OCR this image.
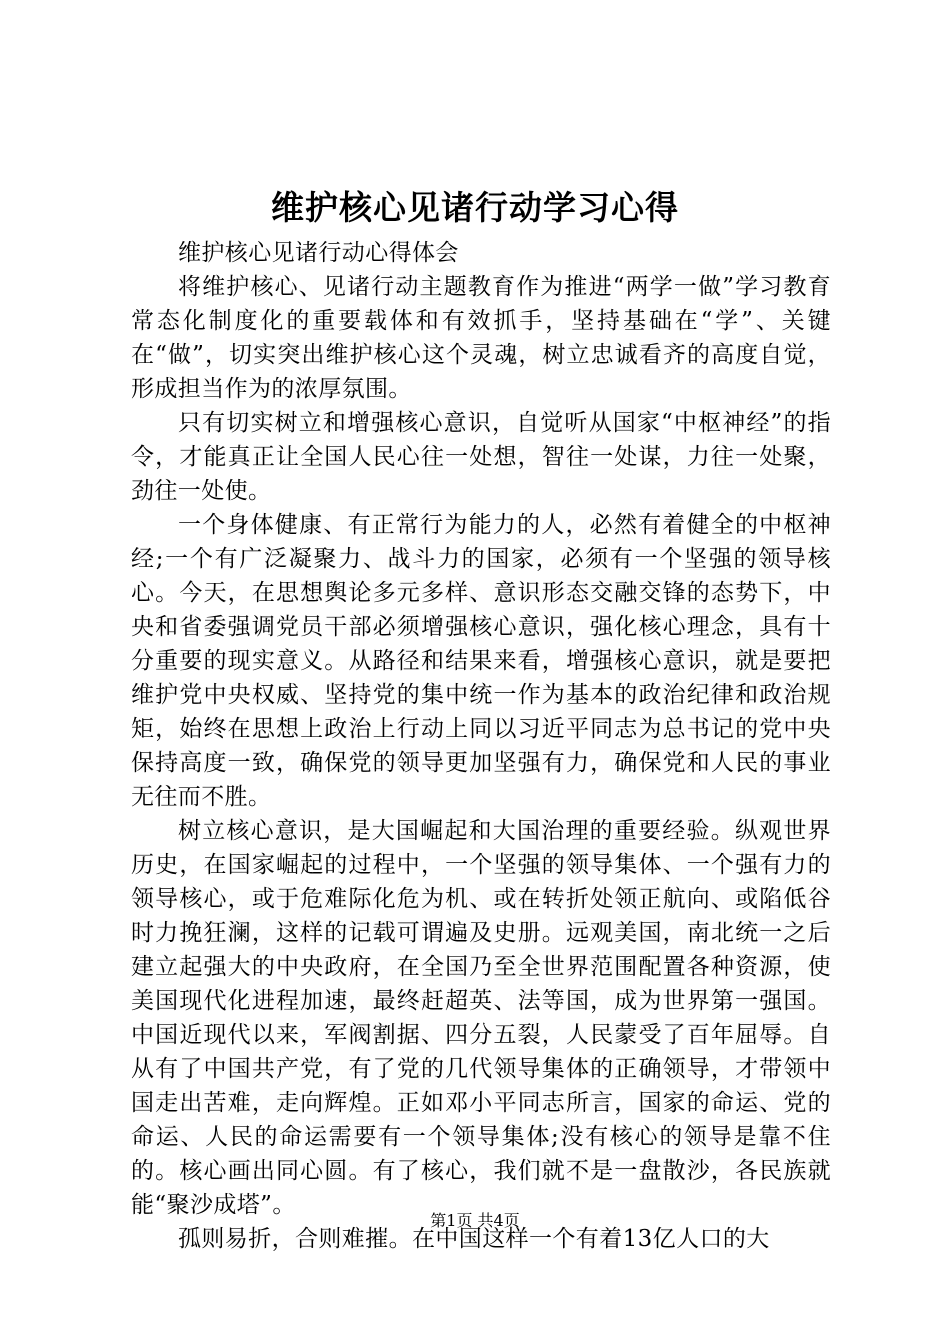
维护核心见诸行动学习心得

维护核心见诸行动心得体会

将维护核心、见诸行动主题教育作为推进“两学一做”学习教育常态化制度化的重要载体和有效抓手，坚持基础在“学”、关键在“做”，切实突出维护核心这个灵魂，树立忠诚看齐的高度自觉，形成担当作为的浓厚氛围。

只有切实树立和增强核心意识，自觉听从国家“中枢神经”的指令，才能真正让全国人民心往一处想，智往一处谋，力往一处聚，劲往一处使。

一个身体健康、有正常行为能力的人，必然有着健全的中枢神经;一个有广泛凝聚力、战斗力的国家，必须有一个坚强的领导核心。今天，在思想舆论多元多样、意识形态交融交锋的态势下，中央和省委强调党员干部必须增强核心意识，强化核心理念，具有十分重要的现实意义。从路径和结果来看，增强核心意识，就是要把维护党中央权威、坚持党的集中统一作为基本的政治纪律和政治规矩，始终在思想上政治上行动上同以习近平同志为总书记的党中央保持高度一致，确保党的领导更加坚强有力，确保党和人民的事业无往而不胜。

树立核心意识，是大国崛起和大国治理的重要经验。纵观世界历史，在国家崛起的过程中，一个坚强的领导集体、一个强有力的领导核心，或于危难际化危为机、或在转折处领正航向、或陷低谷时力挽狂澜，这样的记载可谓遍及史册。远观美国，南北统一之后建立起强大的中央政府，在全国乃至全世界范围配置各种资源，使美国现代化进程加速，最终赶超英、法等国，成为世界第一强国。中国近现代以来，军阀割据、四分五裂，人民蒙受了百年屈辱。自从有了中国共产党，有了党的几代领导集体的正确领导，才带领中国走出苦难，走向辉煌。正如邓小平同志所言，国家的命运、党的命运、人民的命运需要有一个领导集体;没有核心的领导是靠不住的。核心画出同心圆。有了核心，我们就不是一盘散沙，各民族就能“聚沙成塔”。

孤则易折，合则难摧。在中国这样一个有着13亿人口的大

第1页 共4页
